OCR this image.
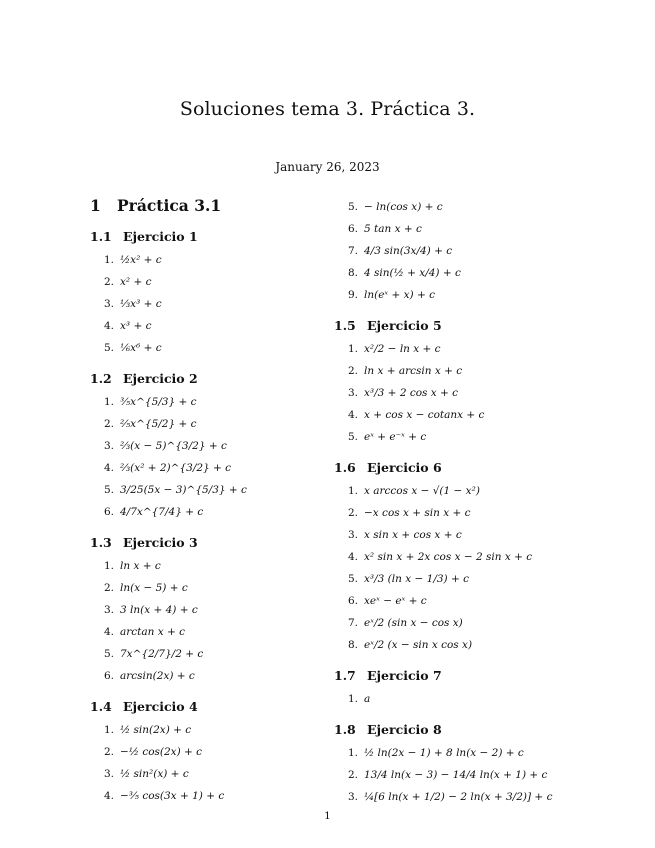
Soluciones tema 3. Práctica 3.
January 26, 2023
1 Práctica 3.1
1.1 Ejercicio 1
1. ½x² + c
2. x² + c
3. ⅓x³ + c
4. x³ + c
5. ⅙x⁶ + c
1.2 Ejercicio 2
1. ⅗x^{5/3} + c
2. ⅖x^{5/2} + c
3. ⅔(x − 5)^{3/2} + c
4. ⅔(x² + 2)^{3/2} + c
5. 3/25(5x − 3)^{5/3} + c
6. 4/7x^{7/4} + c
1.3 Ejercicio 3
1. ln x + c
2. ln(x − 5) + c
3. 3 ln(x + 4) + c
4. arctan x + c
5. 7x^{2/7}/2 + c
6. arcsin(2x) + c
1.4 Ejercicio 4
1. ½ sin(2x) + c
2. −½ cos(2x) + c
3. ½ sin²(x) + c
4. −⅗ cos(3x + 1) + c
5. − ln(cos x) + c
6. 5 tan x + c
7. 4/3 sin(3x/4) + c
8. 4 sin(½ + x/4) + c
9. ln(eˣ + x) + c
1.5 Ejercicio 5
1. x²/2 − ln x + c
2. ln x + arcsin x + c
3. x³/3 + 2 cos x + c
4. x + cos x − cotanx + c
5. eˣ + e⁻ˣ + c
1.6 Ejercicio 6
1. x arccos x − √(1 − x²)
2. −x cos x + sin x + c
3. x sin x + cos x + c
4. x² sin x + 2x cos x − 2 sin x + c
5. x³/3 (ln x − 1/3) + c
6. xeˣ − eˣ + c
7. eˣ/2 (sin x − cos x)
8. eˣ/2 (x − sin x cos x)
1.7 Ejercicio 7
1. a
1.8 Ejercicio 8
1. ½ ln(2x − 1) + 8 ln(x − 2) + c
2. 13/4 ln(x − 3) − 14/4 ln(x + 1) + c
3. ¼[6 ln(x + 1/2) − 2 ln(x + 3/2)] + c
1
